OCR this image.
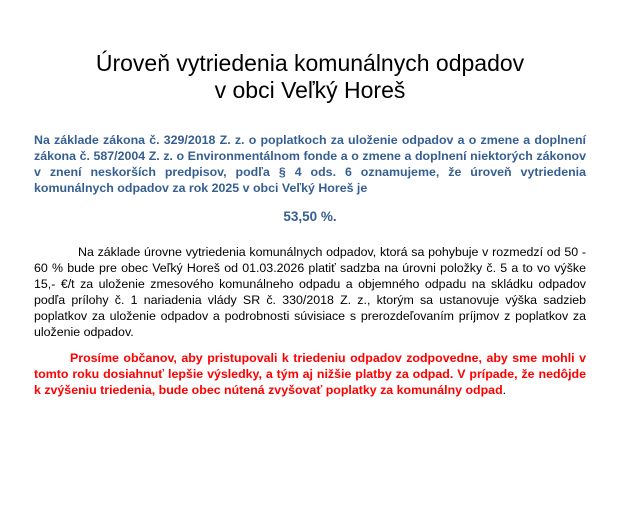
Úroveň vytriedenia komunálnych odpadov
v obci Veľký Horeš

Na základe zákona č. 329/2018 Z. z. o poplatkoch za uloženie odpadov a o zmene a doplnení zákona č. 587/2004 Z. z. o Environmentálnom fonde a o zmene a doplnení niektorých zákonov v znení neskorších predpisov, podľa § 4 ods. 6 oznamujeme, že úroveň vytriedenia komunálnych odpadov za rok 2025 v obci Veľký Horeš je

53,50 %.

Na základe úrovne vytriedenia komunálnych odpadov, ktorá sa pohybuje v rozmedzí od 50 - 60 % bude pre obec Veľký Horeš od 01.03.2026 platiť sadzba na úrovni položky č. 5 a to vo výške 15,- €/t za uloženie zmesového komunálneho odpadu a objemného odpadu na skládku odpadov podľa prílohy č. 1 nariadenia vlády SR č. 330/2018 Z. z., ktorým sa ustanovuje výška sadzieb poplatkov za uloženie odpadov a podrobnosti súvisiace s prerozdeľovaním príjmov z poplatkov za uloženie odpadov.

Prosíme občanov, aby pristupovali k triedeniu odpadov zodpovedne, aby sme mohli v tomto roku dosiahnuť lepšie výsledky, a tým aj nižšie platby za odpad. V prípade, že nedôjde k zvýšeniu triedenia, bude obec nútená zvyšovať poplatky za komunálny odpad.
